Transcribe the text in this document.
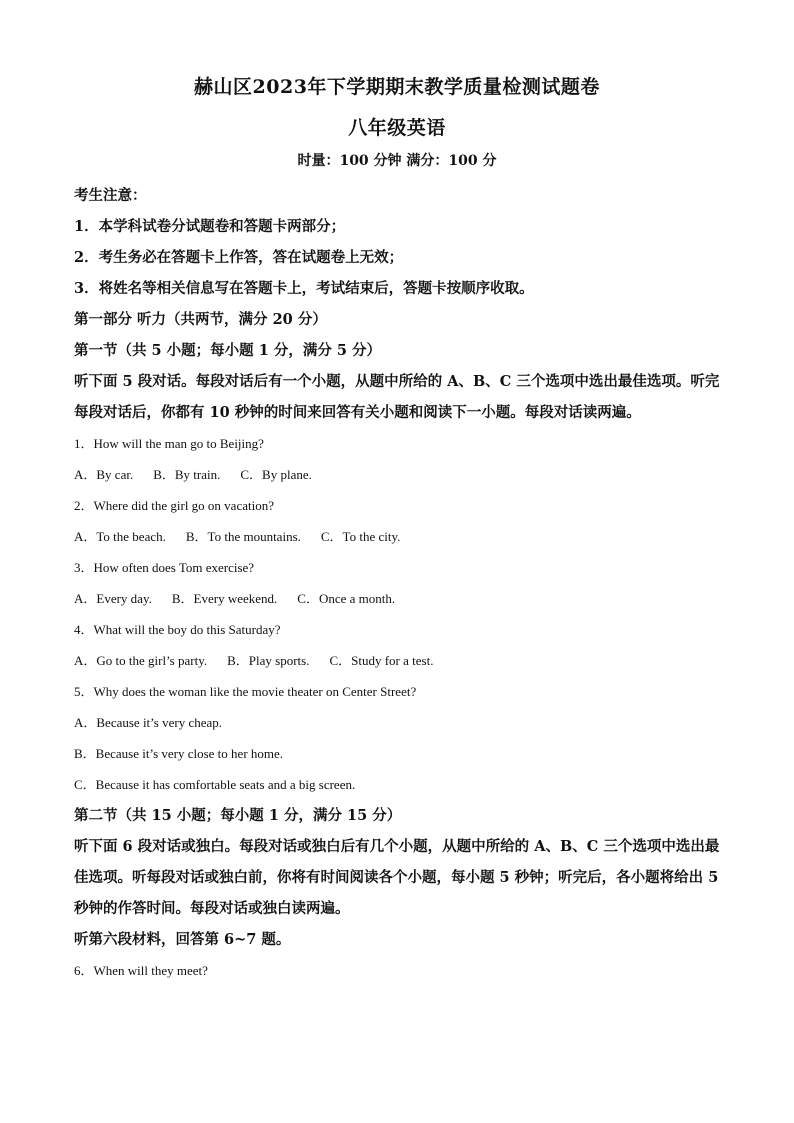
赫山区2023年下学期期末教学质量检测试题卷
八年级英语
时量：100 分钟 满分：100 分

考生注意：

1．本学科试卷分试题卷和答题卡两部分；

2．考生务必在答题卡上作答，答在试题卷上无效；

3．将姓名等相关信息写在答题卡上，考试结束后，答题卡按顺序收取。

第一部分 听力（共两节，满分 20 分）

第一节（共 5 小题；每小题 1 分，满分 5 分）

听下面 5 段对话。每段对话后有一个小题，从题中所给的 A、B、C 三个选项中选出最佳选项。听完每段对话后，你都有 10 秒钟的时间来回答有关小题和阅读下一小题。每段对话读两遍。

1．How will the man go to Beijing?

A．By car. B．By train. C．By plane.

2．Where did the girl go on vacation?

A．To the beach. B．To the mountains. C．To the city.

3．How often does Tom exercise?

A．Every day. B．Every weekend. C．Once a month.

4．What will the boy do this Saturday?

A．Go to the girl’s party. B．Play sports. C．Study for a test.

5．Why does the woman like the movie theater on Center Street?

A．Because it’s very cheap.

B．Because it’s very close to her home.

C．Because it has comfortable seats and a big screen.

第二节（共 15 小题；每小题 1 分，满分 15 分）

听下面 6 段对话或独白。每段对话或独白后有几个小题，从题中所给的 A、B、C 三个选项中选出最佳选项。听每段对话或独白前，你将有时间阅读各个小题，每小题 5 秒钟；听完后，各小题将给出 5 秒钟的作答时间。每段对话或独白读两遍。

听第六段材料，回答第 6~7 题。

6．When will they meet?
